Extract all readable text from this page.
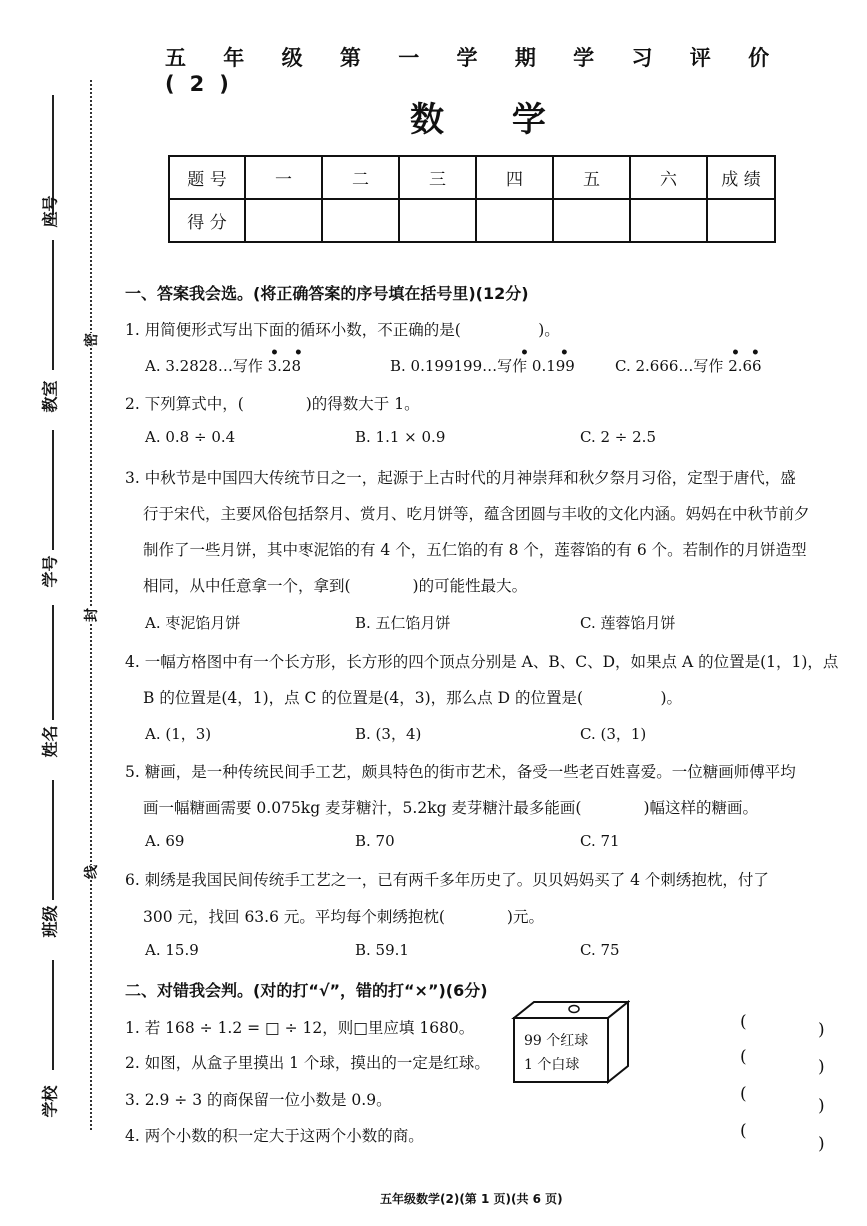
座号
教室
学号
姓名
班级
学校
密
封
线
五 年 级 第 一 学 期 学 习 评 价 (2)
数 学
题 号	一	二	三	四	五	六	成 绩
得 分							
一、答案我会选。(将正确答案的序号填在括号里)(12分)
1. 用简便形式写出下面的循环小数，不正确的是(　　　　　)。
A. 3.2828…写作 3.28	B. 0.199199…写作 0.199	C. 2.666…写作 2.66
• •	• •	• •
2. 下列算式中，(　　　　)的得数大于 1。
A. 0.8 ÷ 0.4	B. 1.1 × 0.9	C. 2 ÷ 2.5
3. 中秋节是中国四大传统节日之一，起源于上古时代的月神崇拜和秋夕祭月习俗，定型于唐代，盛
行于宋代，主要风俗包括祭月、赏月、吃月饼等，蕴含团圆与丰收的文化内涵。妈妈在中秋节前夕
制作了一些月饼，其中枣泥馅的有 4 个，五仁馅的有 8 个，莲蓉馅的有 6 个。若制作的月饼造型
相同，从中任意拿一个，拿到(　　　　)的可能性最大。
A. 枣泥馅月饼	B. 五仁馅月饼	C. 莲蓉馅月饼
4. 一幅方格图中有一个长方形，长方形的四个顶点分别是 A、B、C、D，如果点 A 的位置是(1，1)，点
B 的位置是(4，1)，点 C 的位置是(4，3)，那么点 D 的位置是(　　　　　)。
A. (1，3)	B. (3，4)	C. (3，1)
5. 糖画，是一种传统民间手工艺，颇具特色的街市艺术，备受一些老百姓喜爱。一位糖画师傅平均
画一幅糖画需要 0.075kg 麦芽糖汁，5.2kg 麦芽糖汁最多能画(　　　　)幅这样的糖画。
A. 69	B. 70	C. 71
6. 刺绣是我国民间传统手工艺之一，已有两千多年历史了。贝贝妈妈买了 4 个刺绣抱枕，付了
300 元，找回 63.6 元。平均每个刺绣抱枕(　　　　)元。
A. 15.9	B. 59.1	C. 75
二、对错我会判。(对的打“√”，错的打“×”)(6分)
1. 若 168 ÷ 1.2 = □ ÷ 12，则□里应填 1680。
2. 如图，从盒子里摸出 1 个球，摸出的一定是红球。
3. 2.9 ÷ 3 的商保留一位小数是 0.9。
4. 两个小数的积一定大于这两个小数的商。
99 个红球
1 个白球
(	)
(	)
(
)
(
)
五年级数学(2)(第 1 页)(共 6 页)
